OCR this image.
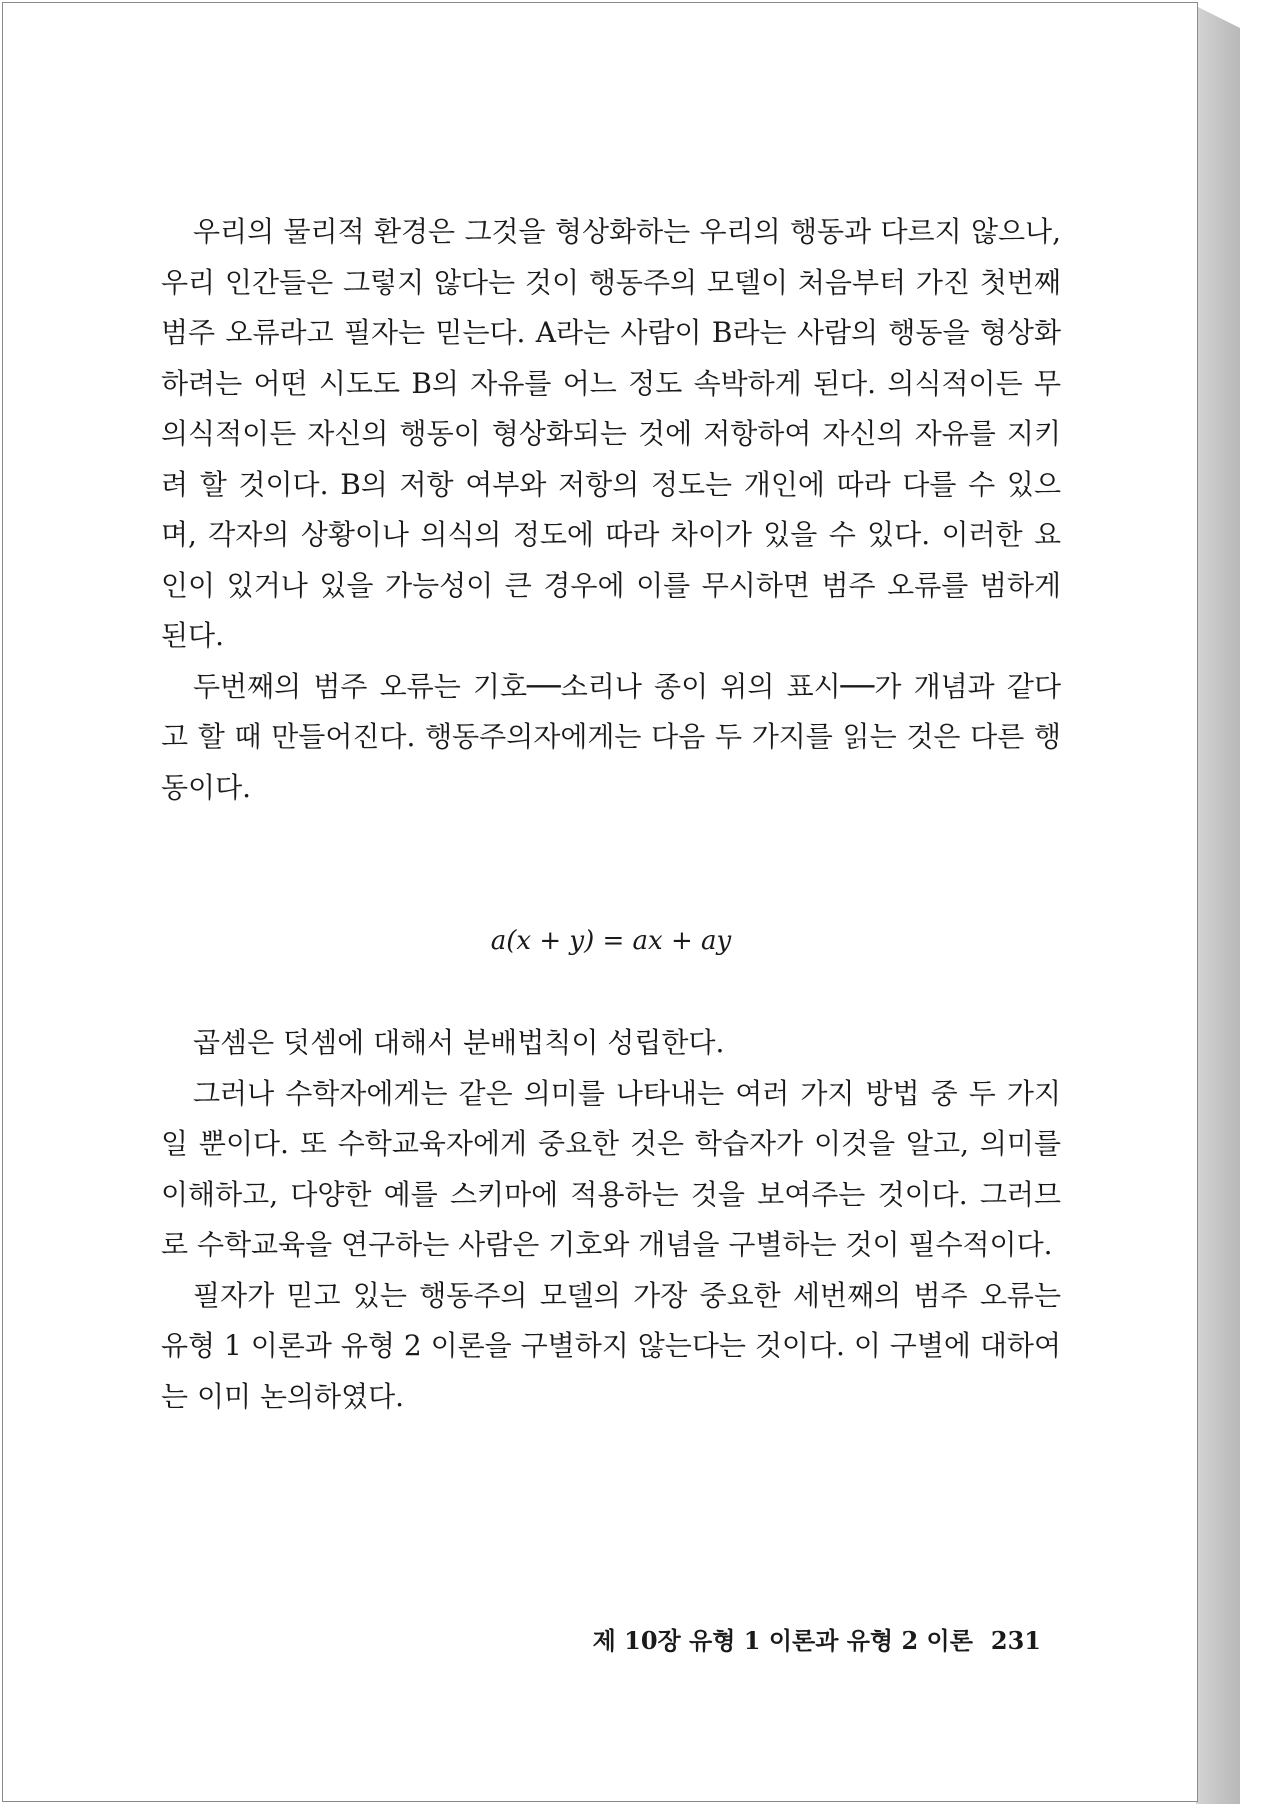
우리의 물리적 환경은 그것을 형상화하는 우리의 행동과 다르지 않으나, 우리 인간들은 그렇지 않다는 것이 행동주의 모델이 처음부터 가진 첫번째 범주 오류라고 필자는 믿는다. A라는 사람이 B라는 사람의 행동을 형상화하려는 어떤 시도도 B의 자유를 어느 정도 속박하게 된다. 의식적이든 무의식적이든 자신의 행동이 형상화되는 것에 저항하여 자신의 자유를 지키려 할 것이다. B의 저항 여부와 저항의 정도는 개인에 따라 다를 수 있으며, 각자의 상황이나 의식의 정도에 따라 차이가 있을 수 있다. 이러한 요인이 있거나 있을 가능성이 큰 경우에 이를 무시하면 범주 오류를 범하게 된다.

두번째의 범주 오류는 기호──소리나 종이 위의 표시──가 개념과 같다고 할 때 만들어진다. 행동주의자에게는 다음 두 가지를 읽는 것은 다른 행동이다.

a(x + y) = ax + ay

곱셈은 덧셈에 대해서 분배법칙이 성립한다.

그러나 수학자에게는 같은 의미를 나타내는 여러 가지 방법 중 두 가지일 뿐이다. 또 수학교육자에게 중요한 것은 학습자가 이것을 알고, 의미를 이해하고, 다양한 예를 스키마에 적용하는 것을 보여주는 것이다. 그러므로 수학교육을 연구하는 사람은 기호와 개념을 구별하는 것이 필수적이다.

필자가 믿고 있는 행동주의 모델의 가장 중요한 세번째의 범주 오류는 유형 1 이론과 유형 2 이론을 구별하지 않는다는 것이다. 이 구별에 대하여는 이미 논의하였다.

제 10장 유형 1 이론과 유형 2 이론 231
